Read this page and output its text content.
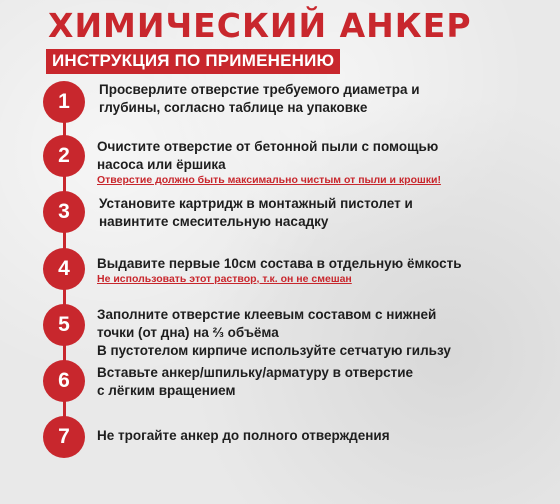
ХИМИЧЕСКИЙ АНКЕР
ИНСТРУКЦИЯ ПО ПРИМЕНЕНИЮ
1
Просверлите отверстие требуемого диаметра и
глубины, согласно таблице на упаковке
2	Очистите отверстие от бетонной пыли с помощью
насоса или ёршика
Отверстие должно быть максимально чистым от пыли и крошки!
3	Установите картридж в монтажный пистолет и
навинтите смесительную насадку
4	Выдавите первые 10см состава в отдельную ёмкость
Не использовать этот раствор, т.к. он не смешан
5	Заполните отверстие клеевым составом с нижней
точки (от дна) на ⅔ объёма
В пустотелом кирпиче используйте сетчатую гильзу
6	Вставьте анкер/шпильку/арматуру в отверстие
с лёгким вращением
7	Не трогайте анкер до полного отверждения
